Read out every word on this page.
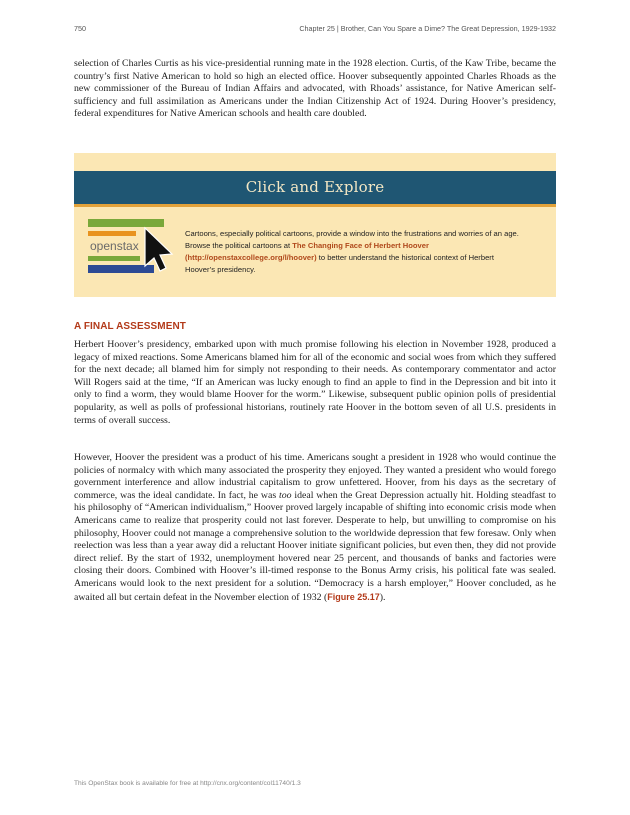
750	Chapter 25 | Brother, Can You Spare a Dime? The Great Depression, 1929-1932

selection of Charles Curtis as his vice-presidential running mate in the 1928 election. Curtis, of the Kaw Tribe, became the country’s first Native American to hold so high an elected office. Hoover subsequently appointed Charles Rhoads as the new commissioner of the Bureau of Indian Affairs and advocated, with Rhoads’ assistance, for Native American self-sufficiency and full assimilation as Americans under the Indian Citizenship Act of 1924. During Hoover’s presidency, federal expenditures for Native American schools and health care doubled.

Click and Explore
openstax

Cartoons, especially political cartoons, provide a window into the frustrations and worries of an age. Browse the political cartoons at The Changing Face of Herbert Hoover (http://openstaxcollege.org/l/hoover) to better understand the historical context of Herbert Hoover’s presidency.

A FINAL ASSESSMENT

Herbert Hoover’s presidency, embarked upon with much promise following his election in November 1928, produced a legacy of mixed reactions. Some Americans blamed him for all of the economic and social woes from which they suffered for the next decade; all blamed him for simply not responding to their needs. As contemporary commentator and actor Will Rogers said at the time, “If an American was lucky enough to find an apple to find in the Depression and bit into it only to find a worm, they would blame Hoover for the worm.” Likewise, subsequent public opinion polls of presidential popularity, as well as polls of professional historians, routinely rate Hoover in the bottom seven of all U.S. presidents in terms of overall success.

However, Hoover the president was a product of his time. Americans sought a president in 1928 who would continue the policies of normalcy with which many associated the prosperity they enjoyed. They wanted a president who would forego government interference and allow industrial capitalism to grow unfettered. Hoover, from his days as the secretary of commerce, was the ideal candidate. In fact, he was too ideal when the Great Depression actually hit. Holding steadfast to his philosophy of “American individualism,” Hoover proved largely incapable of shifting into economic crisis mode when Americans came to realize that prosperity could not last forever. Desperate to help, but unwilling to compromise on his philosophy, Hoover could not manage a comprehensive solution to the worldwide depression that few foresaw. Only when reelection was less than a year away did a reluctant Hoover initiate significant policies, but even then, they did not provide direct relief. By the start of 1932, unemployment hovered near 25 percent, and thousands of banks and factories were closing their doors. Combined with Hoover’s ill-timed response to the Bonus Army crisis, his political fate was sealed. Americans would look to the next president for a solution. “Democracy is a harsh employer,” Hoover concluded, as he awaited all but certain defeat in the November election of 1932 (Figure 25.17).

This OpenStax book is available for free at http://cnx.org/content/col11740/1.3
